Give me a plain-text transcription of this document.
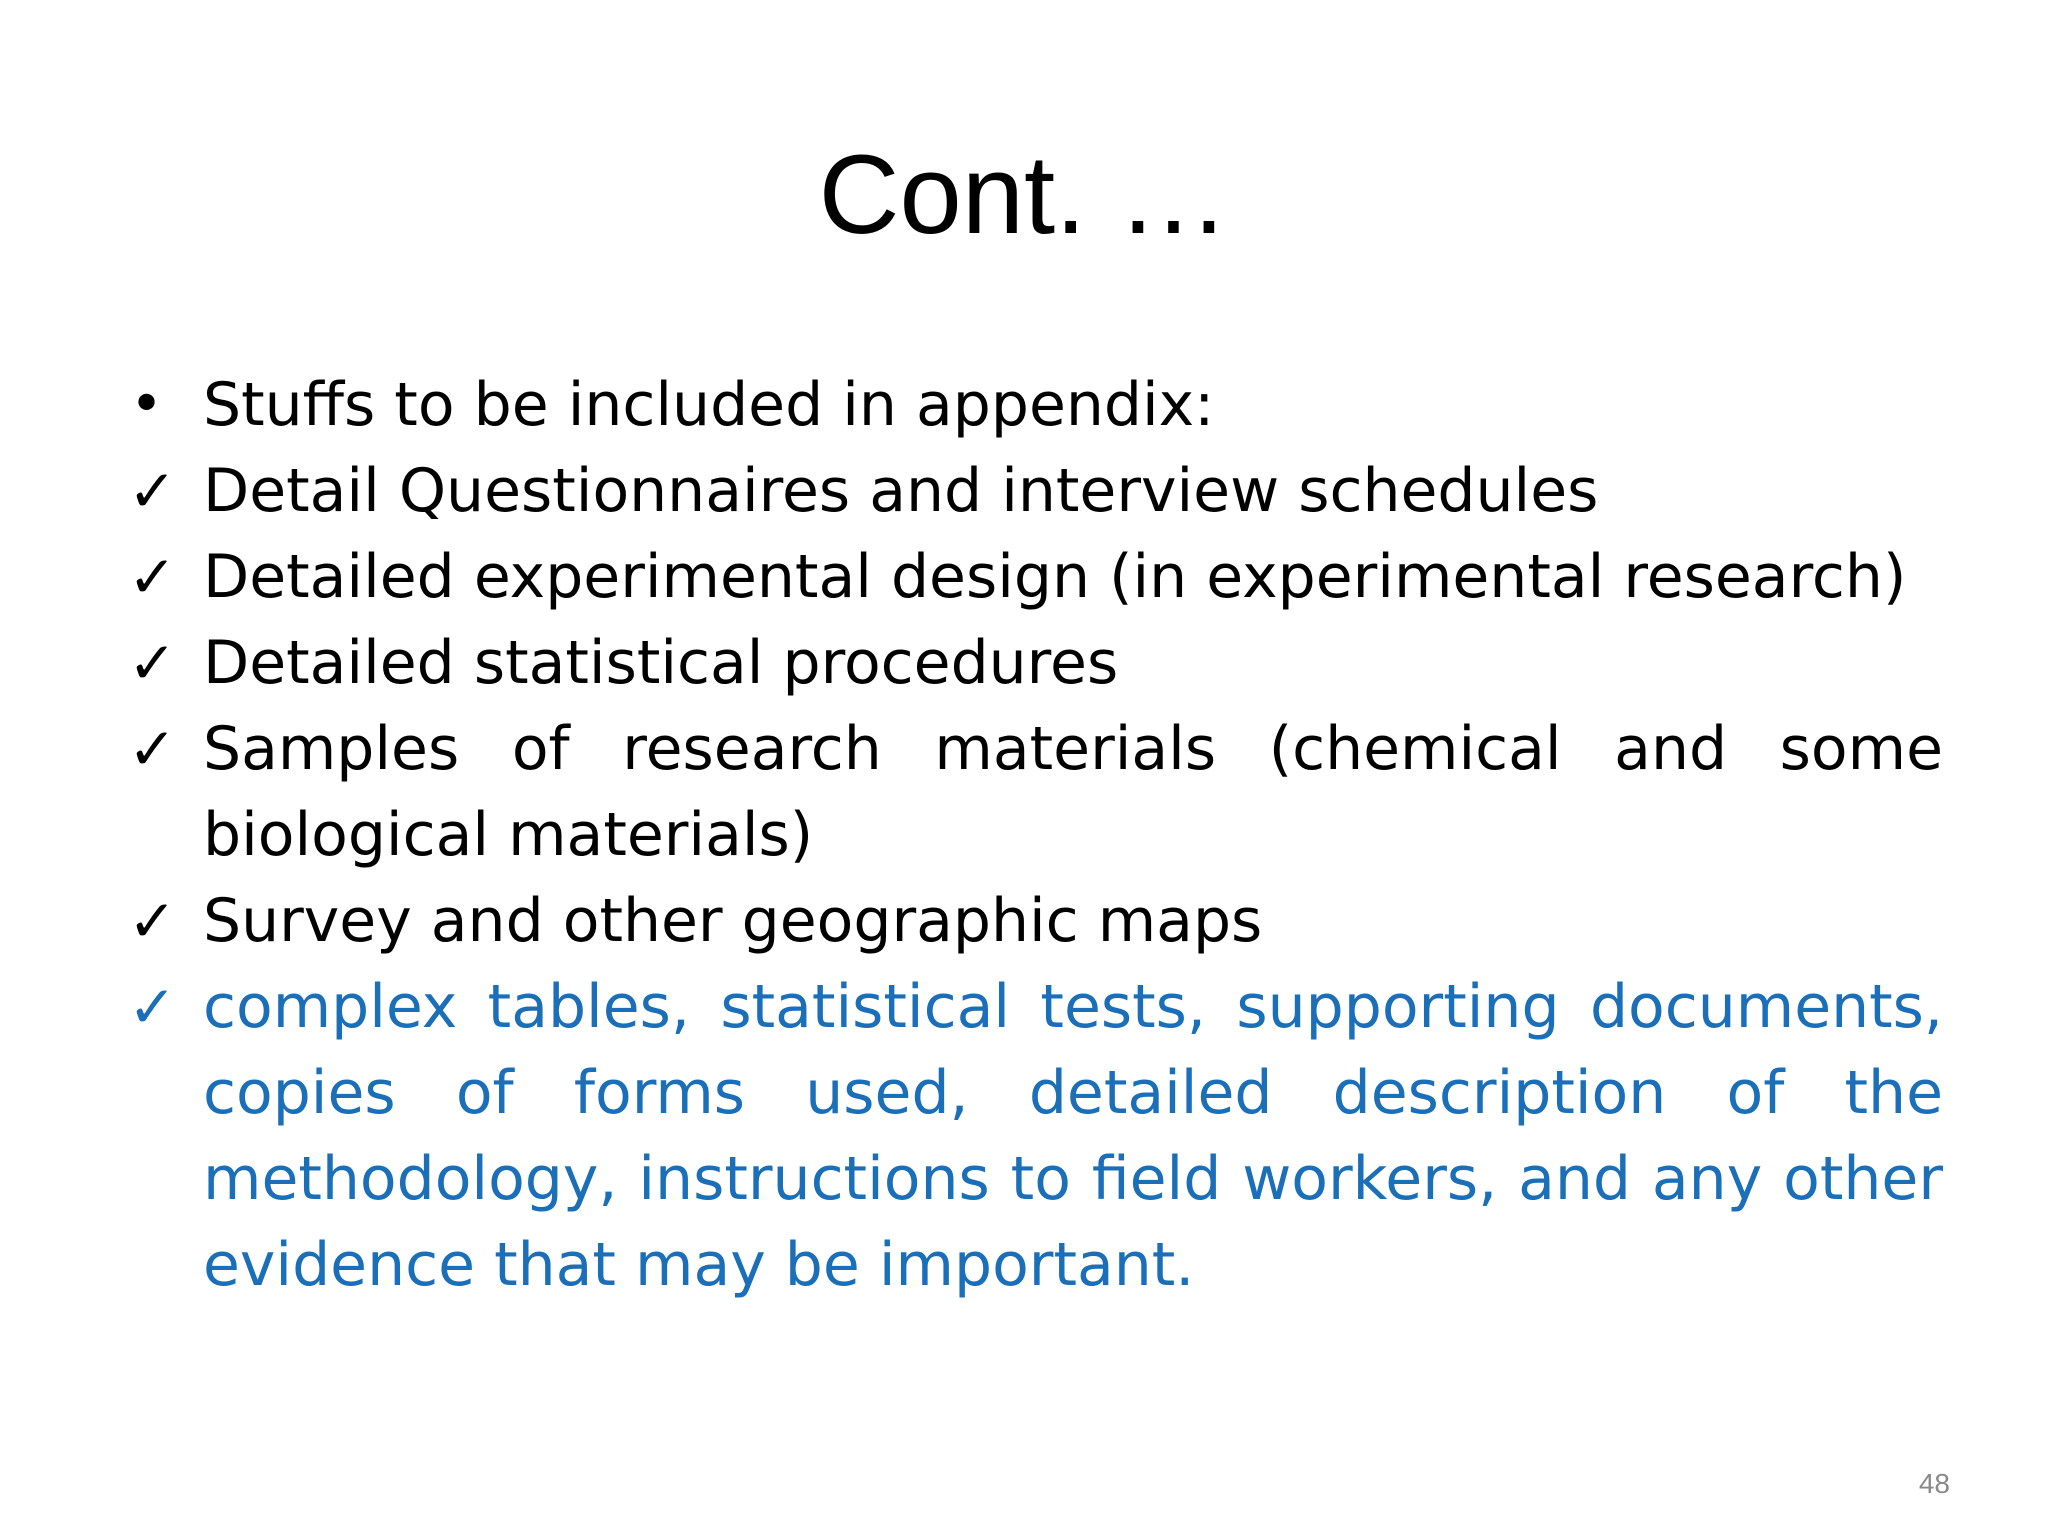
Cont. …
• Stuffs to be included in appendix:
✓ Detail Questionnaires and interview schedules
✓ Detailed experimental design (in experimental research)
✓ Detailed statistical procedures
✓ Samples of research materials (chemical and some biological materials)
✓ Survey and other geographic maps
✓ complex tables, statistical tests, supporting documents, copies of forms used, detailed description of the methodology, instructions to field workers, and any other evidence that may be important.
48
